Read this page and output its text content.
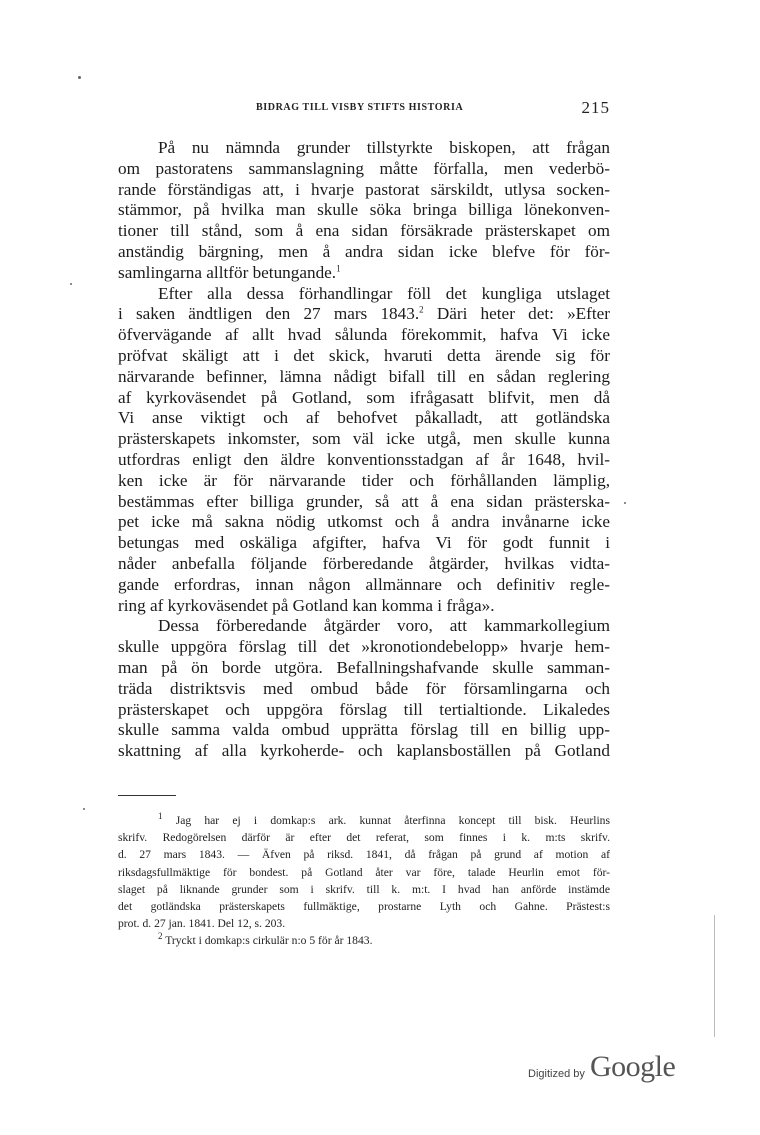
BIDRAG TILL VISBY STIFTS HISTORIA	215
På nu nämnda grunder tillstyrkte biskopen, att frågan
om pastoratens sammanslagning måtte förfalla, men vederbö-
rande förständigas att, i hvarje pastorat särskildt, utlysa socken-
stämmor, på hvilka man skulle söka bringa billiga lönekonven-
tioner till stånd, som å ena sidan försäkrade prästerskapet om
anständig bärgning, men å andra sidan icke blefve för för-
samlingarna alltför betungande.$^1$
Efter alla dessa förhandlingar föll det kungliga utslaget
i saken ändtligen den 27 mars 1843.$^2$ Däri heter det: »Efter
öfvervägande af allt hvad sålunda förekommit, hafva Vi icke
pröfvat skäligt att i det skick, hvaruti detta ärende sig för
närvarande befinner, lämna nådigt bifall till en sådan reglering
af kyrkoväsendet på Gotland, som ifrågasatt blifvit, men då
Vi anse viktigt och af behofvet påkalladt, att gotländska
prästerskapets inkomster, som väl icke utgå, men skulle kunna
utfordras enligt den äldre konventionsstadgan af år 1648, hvil-
ken icke är för närvarande tider och förhållanden lämplig,
bestämmas efter billiga grunder, så att å ena sidan prästerska-
pet icke må sakna nödig utkomst och å andra invånarne icke
betungas med oskäliga afgifter, hafva Vi för godt funnit i
nåder anbefalla följande förberedande åtgärder, hvilkas vidta-
gande erfordras, innan någon allmännare och definitiv regle-
ring af kyrkoväsendet på Gotland kan komma i fråga».
Dessa förberedande åtgärder voro, att kammarkollegium
skulle uppgöra förslag till det »kronotiondebelopp» hvarje hem-
man på ön borde utgöra. Befallningshafvande skulle samman-
träda distriktsvis med ombud både för församlingarna och
prästerskapet och uppgöra förslag till tertialtionde. Likaledes
skulle samma valda ombud upprätta förslag till en billig upp-
skattning af alla kyrkoherde- och kaplansboställen på Gotland
$^1$ Jag har ej i domkap:s ark. kunnat återfinna koncept till bisk. Heurlins
skrifv. Redogörelsen därför är efter det referat, som finnes i k. m:ts skrifv.
d. 27 mars 1843. — Äfven på riksd. 1841, då frågan på grund af motion af
riksdagsfullmäktige för bondest. på Gotland åter var före, talade Heurlin emot för-
slaget på liknande grunder som i skrifv. till k. m:t. I hvad han anförde instämde
det gotländska prästerskapets fullmäktige, prostarne Lyth och Gahne. Prästest:s
prot. d. 27 jan. 1841. Del 12, s. 203.
$^2$ Tryckt i domkap:s cirkulär n:o 5 för år 1843.
Digitized by Google
